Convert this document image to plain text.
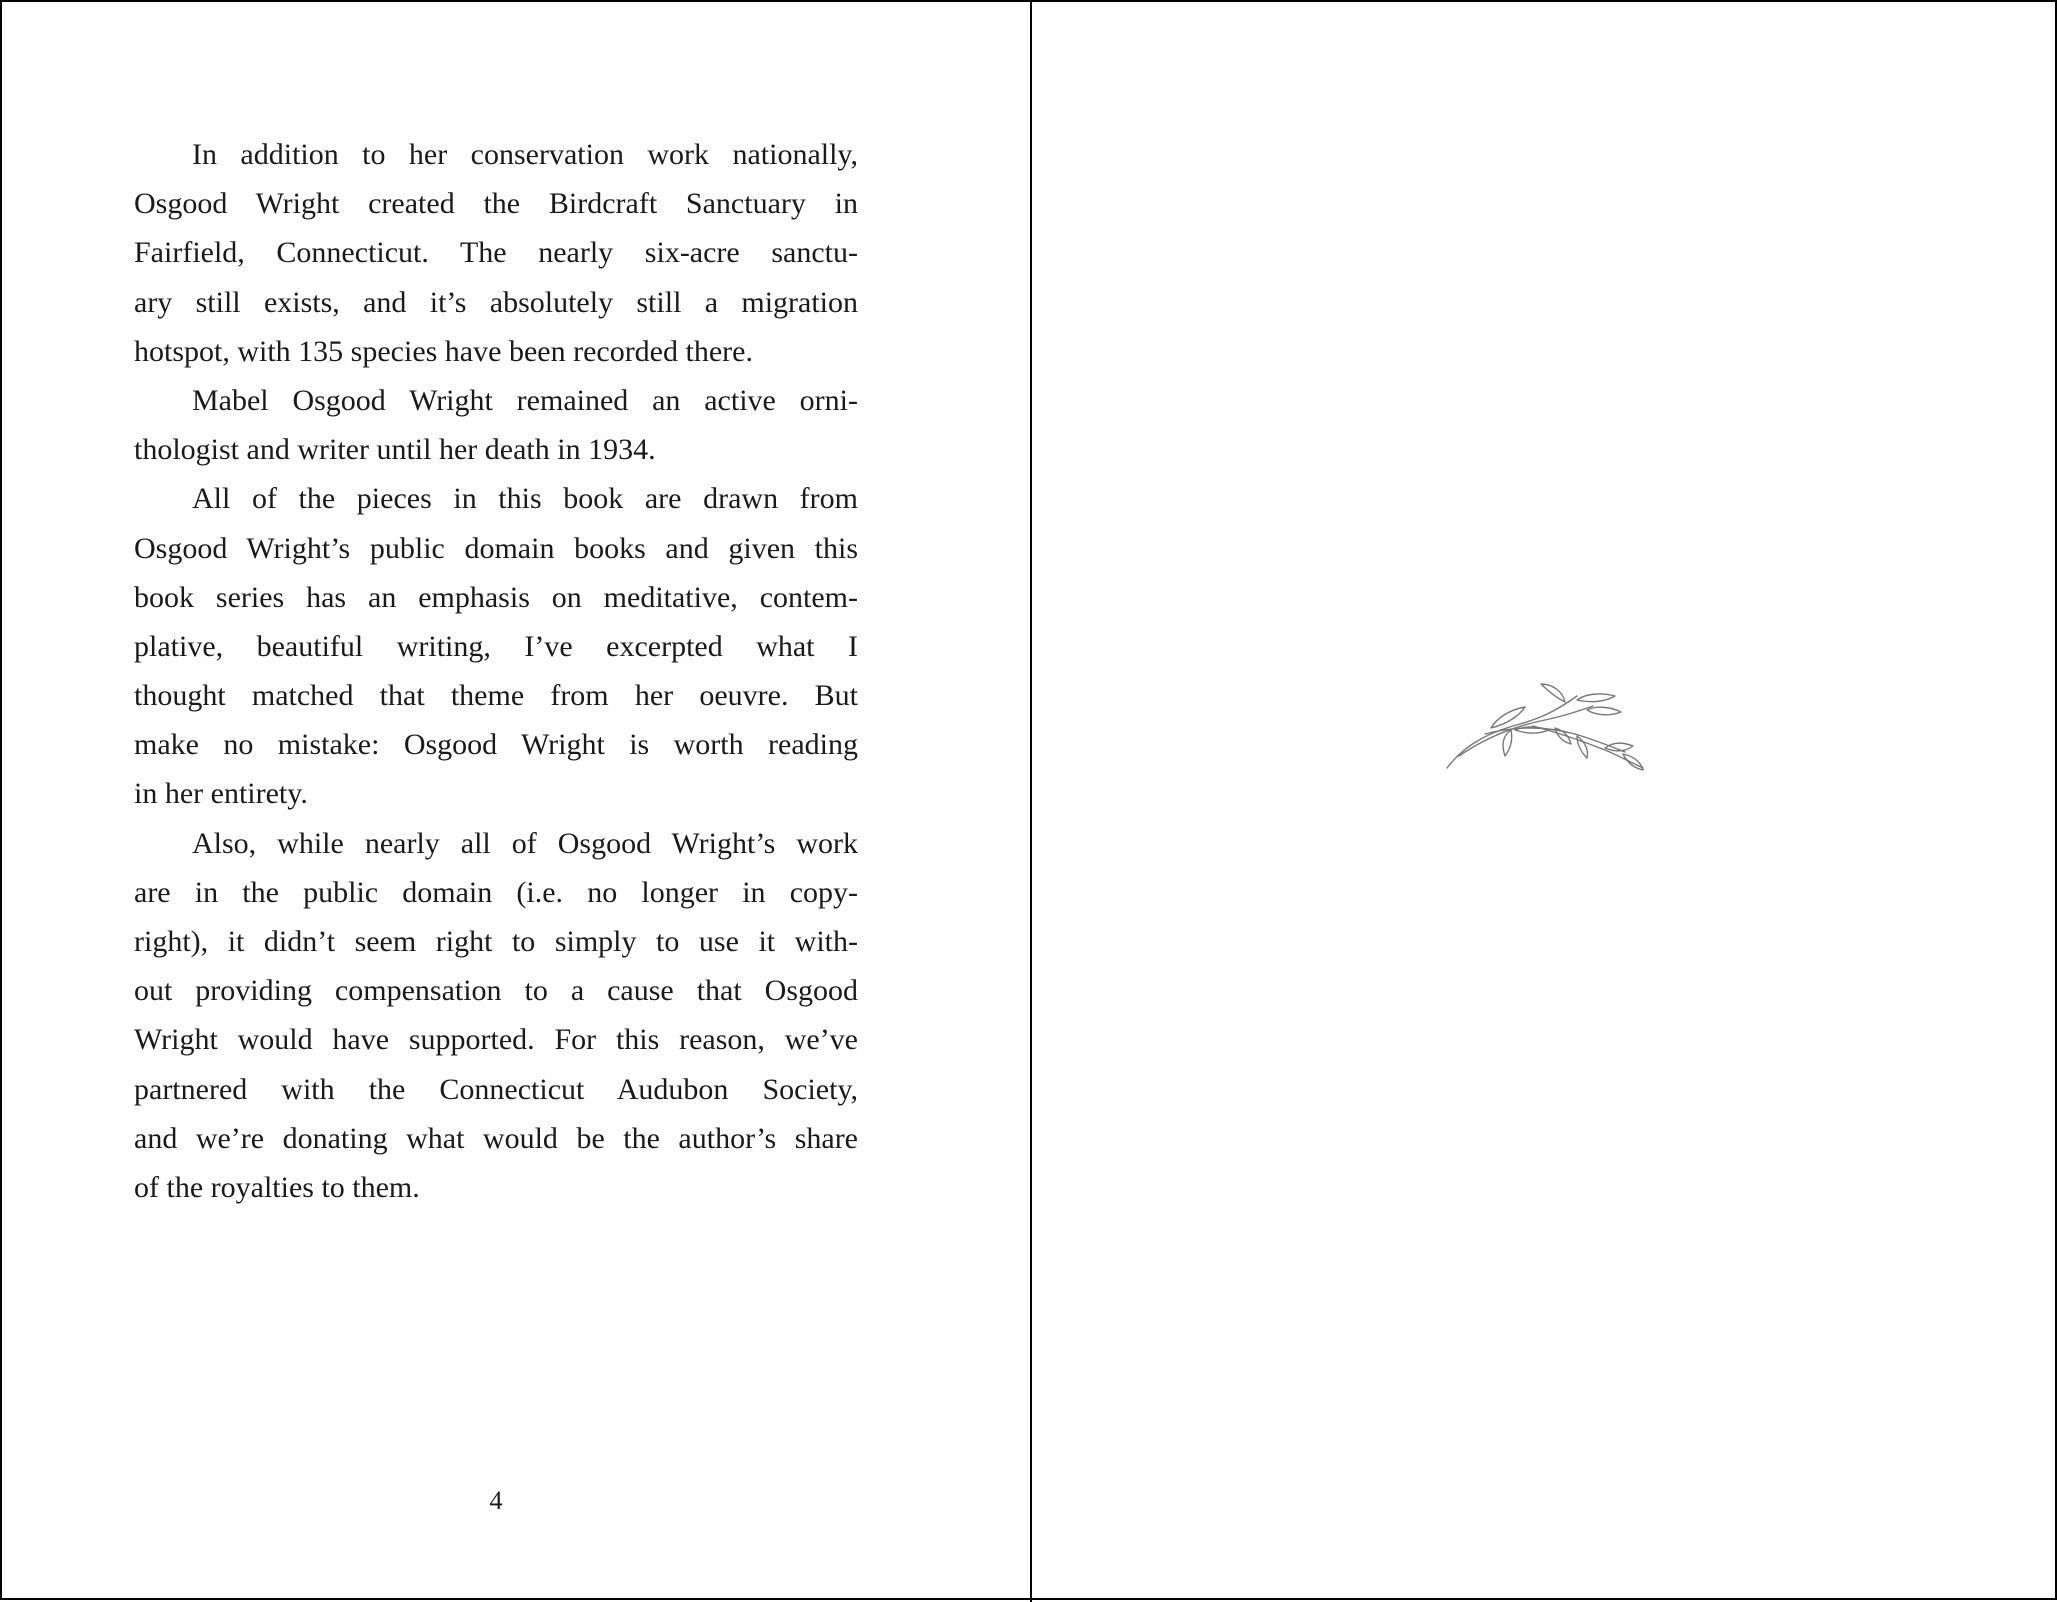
In addition to her conservation work nationally,
Osgood Wright created the Birdcraft Sanctuary in
Fairfield, Connecticut. The nearly six-acre sanctu-
ary still exists, and it’s absolutely still a migration
hotspot, with 135 species have been recorded there.
Mabel Osgood Wright remained an active orni-
thologist and writer until her death in 1934.
All of the pieces in this book are drawn from
Osgood Wright’s public domain books and given this
book series has an emphasis on meditative, contem-
plative, beautiful writing, I’ve excerpted what I
thought matched that theme from her oeuvre. But
make no mistake: Osgood Wright is worth reading
in her entirety.
Also, while nearly all of Osgood Wright’s work
are in the public domain (i.e. no longer in copy-
right), it didn’t seem right to simply to use it with-
out providing compensation to a cause that Osgood
Wright would have supported. For this reason, we’ve
partnered with the Connecticut Audubon Society,
and we’re donating what would be the author’s share
of the royalties to them.
4
